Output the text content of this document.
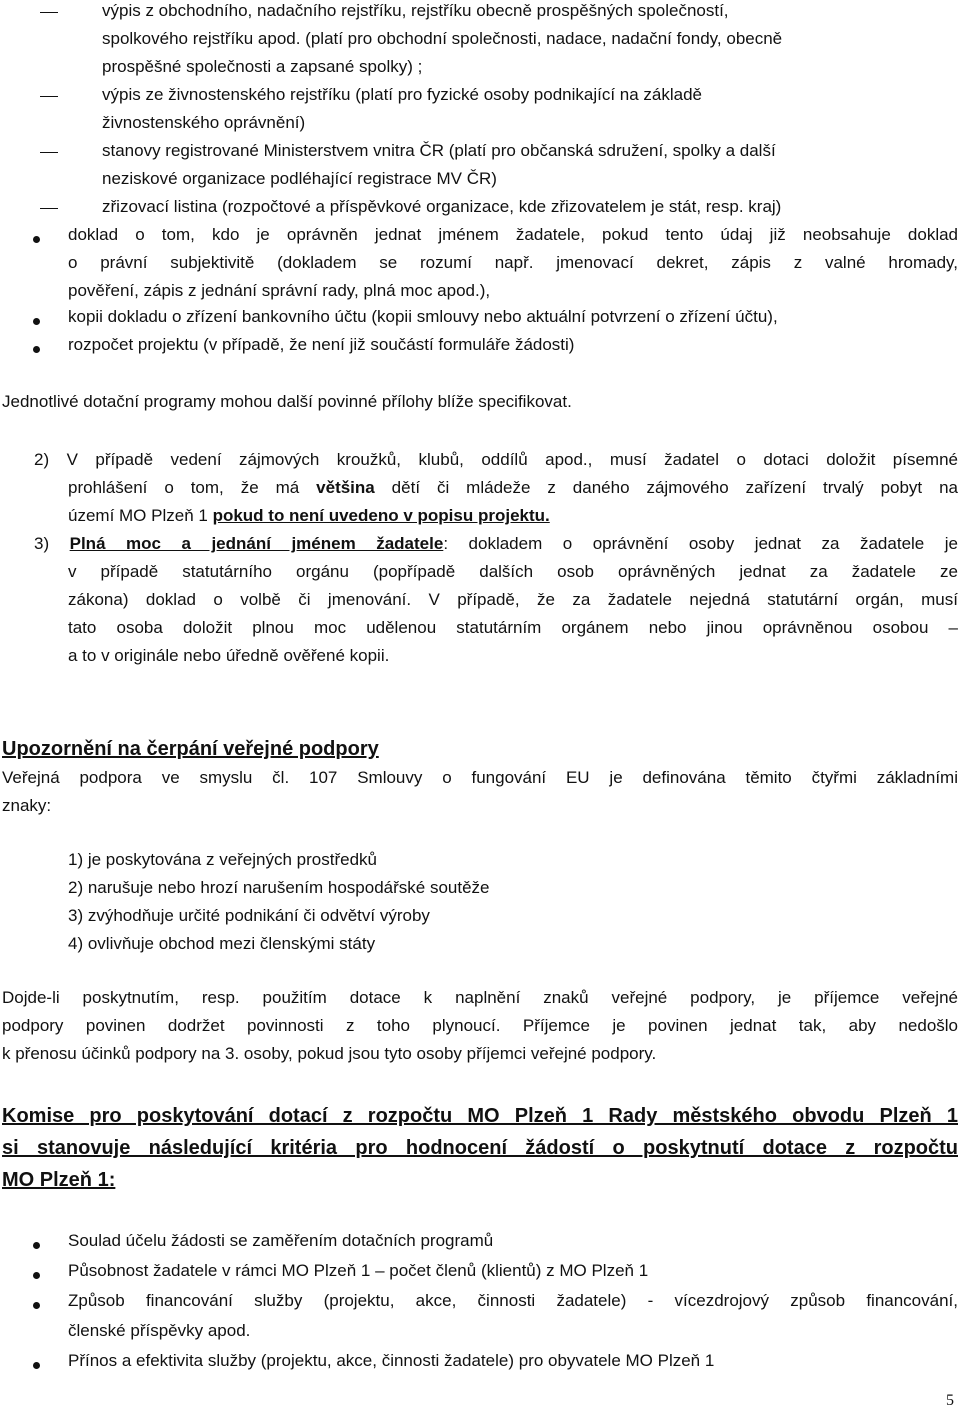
výpis z obchodního, nadačního rejstříku, rejstříku obecně prospěšných společností,
spolkového rejstříku apod. (platí pro obchodní společnosti, nadace, nadační fondy, obecně
prospěšné společnosti a zapsané spolky) ;
výpis ze živnostenského rejstříku (platí pro fyzické osoby podnikající na základě
živnostenského oprávnění)
stanovy registrované Ministerstvem vnitra ČR (platí pro občanská sdružení, spolky a další
neziskové organizace podléhající registrace MV ČR)
zřizovací listina (rozpočtové a příspěvkové organizace, kde zřizovatelem je stát, resp. kraj)
doklad o tom, kdo je oprávněn jednat jménem žadatele, pokud tento údaj již neobsahuje doklad
o právní subjektivitě (dokladem se rozumí např. jmenovací dekret, zápis z valné hromady,
pověření, zápis z jednání správní rady, plná moc apod.),
kopii dokladu o zřízení bankovního účtu (kopii smlouvy nebo aktuální potvrzení o zřízení účtu),
rozpočet projektu (v případě, že není již součástí formuláře žádosti)
Jednotlivé dotační programy mohou další povinné přílohy blíže specifikovat.
2) V případě vedení zájmových kroužků, klubů, oddílů apod., musí žadatel o dotaci doložit písemné
prohlášení o tom, že má většina dětí či mládeže z daného zájmového zařízení trvalý pobyt na
území MO Plzeň 1 pokud to není uvedeno v popisu projektu.
3) Plná moc a jednání jménem žadatele: dokladem o oprávnění osoby jednat za žadatele je
v případě statutárního orgánu (popřípadě dalších osob oprávněných jednat za žadatele ze
zákona) doklad o volbě či jmenování. V případě, že za žadatele nejedná statutární orgán, musí
tato osoba doložit plnou moc udělenou statutárním orgánem nebo jinou oprávněnou osobou –
a to v originále nebo úředně ověřené kopii.
Upozornění na čerpání veřejné podpory
Veřejná podpora ve smyslu čl. 107 Smlouvy o fungování EU je definována těmito čtyřmi základními
znaky:
1) je poskytována z veřejných prostředků
2) narušuje nebo hrozí narušením hospodářské soutěže
3) zvýhodňuje určité podnikání či odvětví výroby
4) ovlivňuje obchod mezi členskými státy
Dojde-li poskytnutím, resp. použitím dotace k naplnění znaků veřejné podpory, je příjemce veřejné
podpory povinen dodržet povinnosti z toho plynoucí. Příjemce je povinen jednat tak, aby nedošlo
k přenosu účinků podpory na 3. osoby, pokud jsou tyto osoby příjemci veřejné podpory.
Komise pro poskytování dotací z rozpočtu MO Plzeň 1 Rady městského obvodu Plzeň 1
si stanovuje následující kritéria pro hodnocení žádostí o poskytnutí dotace z rozpočtu
MO Plzeň 1:
Soulad účelu žádosti se zaměřením dotačních programů
Působnost žadatele v rámci MO Plzeň 1 – počet členů (klientů) z MO Plzeň 1
Způsob financování služby (projektu, akce, činnosti žadatele) - vícezdrojový způsob financování,
členské příspěvky apod.
Přínos a efektivita služby (projektu, akce, činnosti žadatele) pro obyvatele MO Plzeň 1
5
